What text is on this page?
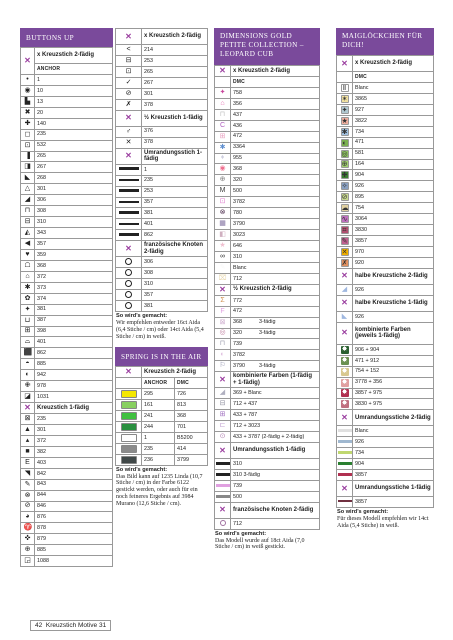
BUTTONS UP
✕	x Kreuzstich 2-fädig
	ANCHOR
•	1
◉	10
▙	13
✖	20
✚	140
◻	235
⊡	532
▐	265
◨	267
◣	268
△	301
◢	306
⊓	308
⊟	310
◭	343
◀	357
♥	359
☖	368
⌂	372
✱	373
✿	374
✦	381
⊔	387
⊞	398
⌓	401
⬛	862
◓	885
◐	942
✙	978
◪	1031
✕	Kreuzstich 1-fädig
⊠	235
▲	301
▴	372
■	382
Ε	403
◥	842
✎	843
⊗	844
⊘	846
◕	876
♈	878
✜	879
⊕	885
◲	1088
✕	x Kreuzstich 2-fädig
<	214
⊟	253
⊡	265
✓	267
⊘	301
✗	378
✕	½ Kreuzstich 1-fädig
♂	376
✕	378
✕	Umrandungsstich 1-fädig
	1
	235
	253
	357
	381
	401
	862
✕	französische Knoten 2-fädig
	306
	308
	310
	357
	381
So wird's gemacht:
Wir empfehlen entweder 16ct Aida (6,4 Stiche / cm) oder 14ct Aida (5,4 Stiche / cm) in weiß.
SPRING IS IN THE AIR
✕	Kreuzstich 2-fädig	
	ANCHOR	DMC
	295	726
	161	813
	241	368
	244	701
	1	B5200
	235	414
	236	3799
So wird's gemacht:
Das Bild kann auf 1235 Linda (10,7 Stiche / cm) in der Farbe 6122 gestickt werden, oder auch für ein noch feineres Ergebnis auf 3984 Murano (12,6 Stiche / cm).
DIMENSIONS GOLD PETITE COLLECTION – LEOPARD CUB
✕	x Kreuzstich 2-fädig
	DMC
✦	758
⌂	356
⊓	437
C	436
⊞	472
✱	3364
♦	955
◉	368
⊕	320
M	500
⊡	3782
⊗	780
▦	3790
◧	3023
★	646
∞	310
✎	Blanc
⌧	712
✕	½ Kreuzstich 2-fädig
Σ	772
F	472
⊠	368 3-fädig
◎	320 3-fädig
⊓	739
◐	3782
⚐	3790 3-fädig
✕	kombinierte Farben (1-fädig + 1-fädig)
◢	369 + Blanc
⊟	712 + 437
⊞	433 + 787
⊏	712 + 3023
⊙	433 + 3787 (2-fädig + 2-fädig)
✕	Umrandungsstich 1-fädig
	310
	310 3-fädig
	739
	500
✕	französische Knoten 2-fädig
	712
So wird's gemacht:
Das Modell wurde auf 18ct Aida (7,0 Stiche / cm) in weiß gestickt.
MAIGLÖCKCHEN FÜR DICH!
✕	x Kreuzstich 2-fädig
	DMC
Ⅱ	Blanc
✶	3865
✦	927
★	3822
✱	734
◐	471
◎	581
⊕	164
✚	904
✧	926
⊘	895
☁	754
∿	3064
⌗	3830
✎	3857
✕	970
✗	920
✕	halbe Kreuzstiche 2-fädig
◢	926
✕	halbe Kreuzstiche 1-fädig
◣	926
✕	kombinierte Farben (jeweils 1-fädig)
✸	906 + 904
✸	471 + 912
✸	754 + 152
✸	3778 + 356
✸	3857 + 975
✸	3830 + 975
✕	Umrandungsstiche 2-fädig
	Blanc
	926
	734
	904
	3857
✕	Umrandungsstiche 1-fädig
	3857
So wird's gemacht:
Für dieses Modell empfehlen wir 14ct Aida (5,4 Stiche) in weiß.
42 Kreuzstich Motive 31
